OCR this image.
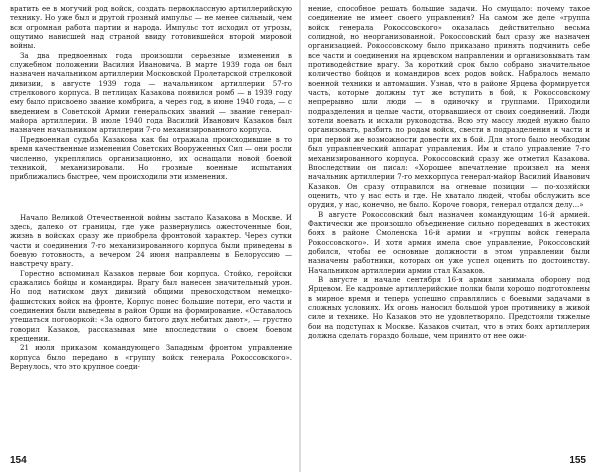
вратить ее в могучий род войск, создать первоклассную артиллерийскую технику. Но уже был и другой грозный импульс — не менее сильный, чем вся огромная работа партии и народа. Импульс тот исходил от угрозы, ощутимо нависшей над страной ввиду готовившейся второй мировой войны.

За два предвоенных года произошли серьезные изменения в служебном положении Василия Ивановича. В марте 1939 года он был назначен начальником артиллерии Московской Пролетарской стрелковой дивизии, в августе 1939 года — начальником артиллерии 57-го стрелкового корпуса. В петлицах Казакова появился ромб — в 1939 году ему было присвоено звание комбрига, а через год, в июне 1940 года, — с введением в Советской Армии генеральских званий — звание генерал-майора артиллерии. В июле 1940 года Василий Иванович Казаков был назначен начальником артиллерии 7-го механизированного корпуса.

Предвоенная судьба Казакова как бы отражала происходившие в то время качественные изменения Советских Вооруженных Сил — они росли численно, укреплялись организационно, их оснащали новой боевой техникой, механизировали. Но грозные военные испытания приближались быстрее, чем происходили эти изменения.

Начало Великой Отечественной войны застало Казакова в Москве. И здесь, далеко от границы, где уже развернулись ожесточенные бои, жизнь в войсках сразу же приобрела фронтовой характер. Через сутки части и соединения 7-го механизированного корпуса были приведены в боевую готовность, а вечером 24 июня направлены в Белоруссию — навстречу врагу.

Горестно вспоминал Казаков первые бои корпуса. Стойко, геройски сражались бойцы и командиры. Врагу был нанесен значительный урон. Но под натиском двух дивизий общими превосходством немецко-фашистских войск на фронте, Корпус понес большие потери, его части и соединения были выведены в район Орши на формирование. «Оставалось утешаться поговоркой: «За одного битого двух небитых дают», — грустно говорил Казаков, рассказывая мне впоследствии о своем боевом крещении.

21 июля приказом командующего Западным фронтом управление корпуса было передано в «группу войск генерала Рокоссовского». Вернулось, что это крупное соеди-

154

нение, способное решать большие задачи. Но смущало: почему такое соединение не имеет своего управления? На самом же деле «группа войск генерала Рокоссовского» оказалась действительно весьма солидной, но неорганизованной. Рокоссовский был сразу же назначен организацией. Рокоссовскому было приказано принять подчинить себе все части и соединения на ярцевском направлении и организовывать там противодействие врагу. За короткий срок было собрано значительное количество бойцов и командиров всех родов войск. Набралось немало военной техники и автомашин. Узнав, что в районе Ярцева формируется часть, которые должны тут же вступить в бой, к Рокоссовскому непрерывно шли люди — в одиночку и группами. Приходили подразделения и целые части, оторвавшиеся от своих соединений. Люди хотели воевать и искали руководства. Всю эту массу людей нужно было организовать, разбить по родам войск, свести в подразделения и части и при первой же возможности довести их в бой. Для этого было необходим был управленческий аппарат управления. Им и стало управление 7-го механизированного корпуса. Рокоссовский сразу же отметил Казакова. Впоследствии он писал: «Хорошее впечатление произвел на меня начальник артиллерии 7-го мехкорпуса генерал-майор Василий Иванович Казаков. Он сразу отправился на огневые позиции — по-хозяйски оценить, что у нас есть и где. Не хватало людей, чтобы обслужить все орудия, у нас, конечно, не было. Короче говоря, генерал отдался делу...»

В августе Рокоссовский был назначен командующим 16-й армией. Фактически же произошло объединение сильно поредевших в жестоких боях в районе Смоленска 16-й армии и «группы войск генерала Рокоссовского». И хотя армия имела свое управление, Рокоссовский добился, чтобы ее основные должности в этом управлении были назначены работники, которых он уже успел оценить по достоинству. Начальником артиллерии армии стал Казаков.

В августе и начале сентября 16-я армия занимала оборону под Ярцевом. Ее кадровые артиллерийские полки были хорошо подготовлены в мирное время и теперь успешно справлялись с боевыми задачами в сложных условиях. Их огонь наносил большой урон противнику в живой силе и технике. Но Казаков это не удовлетворяло. Предстояли тяжелые бои на подступах к Москве. Казаков считал, что в этих боях артиллерия должна сделать гораздо больше, чем принято от нее ожи-

155
